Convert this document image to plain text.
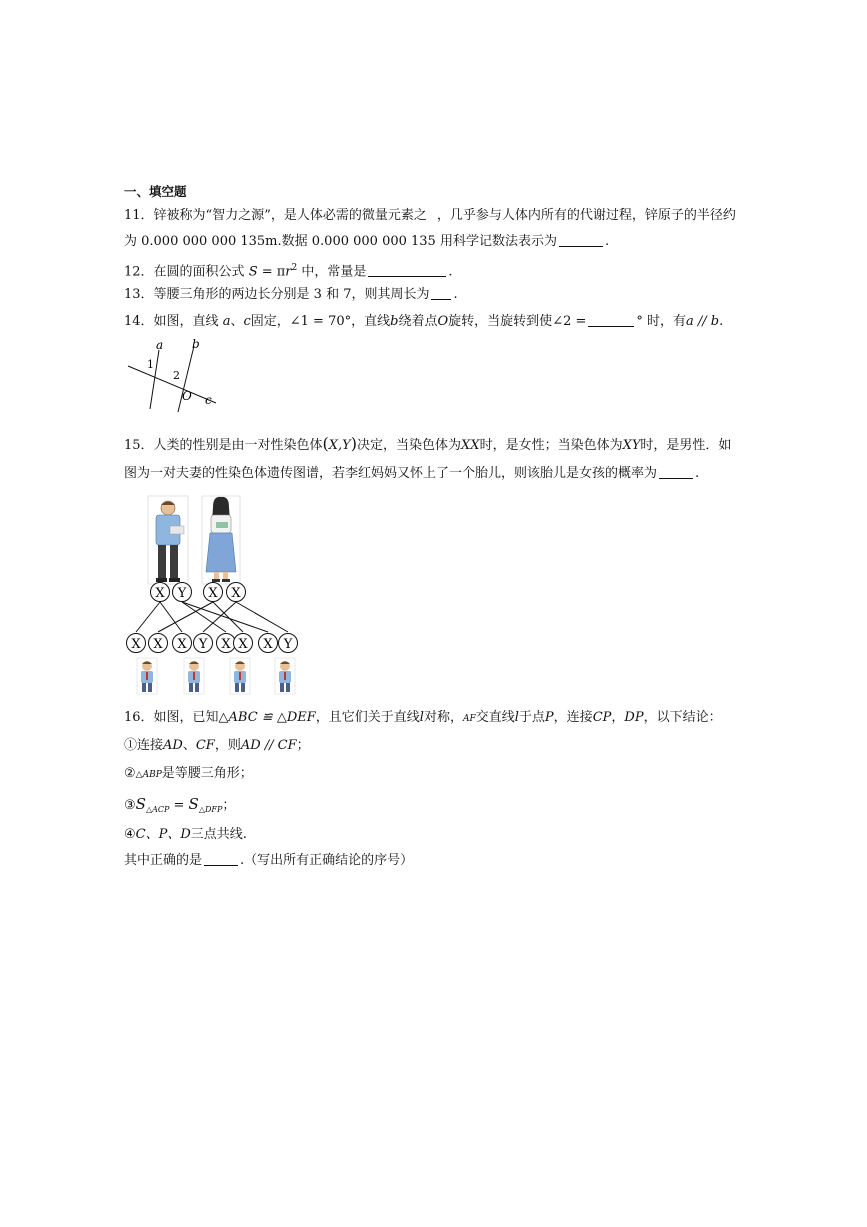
一、填空题
11．锌被称为“智力之源”，是人体必需的微量元素之 ，几乎参与人体内所有的代谢过程，锌原子的半径约
为 0.000 000 000 135m.数据 0.000 000 000 135 用科学记数法表示为	.
12．在圆的面积公式 $S = \pi r^2$ 中，常量是	.
13．等腰三角形的两边长分别是 3 和 7，则其周长为 .
14．如图，直线 a、c固定，∠1 = 70°，直线b绕着点O旋转，当旋转到使∠2 =	° 时，有a // b.
a b
c
1
2
O
15．人类的性别是由一对性染色体(X,Y)决定，当染色体为XX时，是女性；当染色体为XY时，是男性．如
图为一对夫妻的性染色体遗传图谱，若李红妈妈又怀上了一个胎儿，则该胎儿是女孩的概率为	.
X Y X X
X X X Y X X X Y
16．如图，已知△ABC ≌ △DEF，且它们关于直线l对称，AF交直线l于点P，连接CP，DP，以下结论：
①连接AD、CF，则AD // CF；
②△ABP是等腰三角形；
$③S_{\triangle ACP} = S_{\triangle DFP}$；
④C、P、D三点共线.
其中正确的是	.（写出所有正确结论的序号）
